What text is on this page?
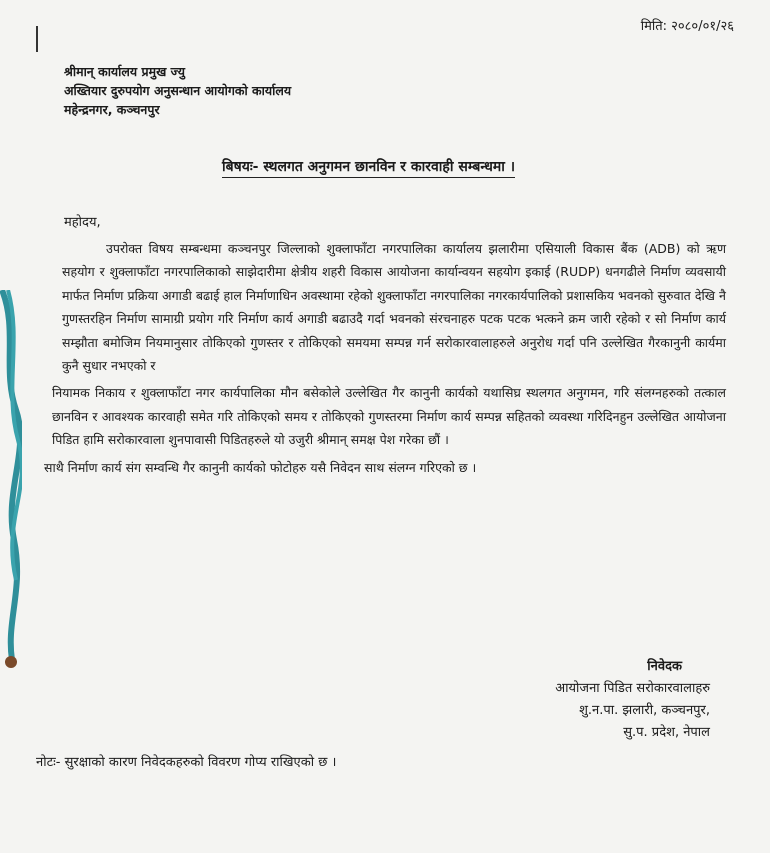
मिति: २०८०/०१/२६
श्रीमान् कार्यालय प्रमुख ज्यु
अख्तियार दुरुपयोग अनुसन्धान आयोगको कार्यालय
महेन्द्रनगर, कञ्चनपुर
बिषयः- स्थलगत अनुगमन छानविन र कारवाही सम्बन्धमा ।
महोदय,

उपरोक्त विषय सम्बन्धमा कञ्चनपुर जिल्लाको शुक्लाफाँटा नगरपालिका कार्यालय झलारीमा एसियाली विकास बैंक (ADB) को ऋण सहयोग र शुक्लाफाँटा नगरपालिकाको साझेदारीमा क्षेत्रीय शहरी विकास आयोजना कार्यान्वयन सहयोग इकाई (RUDP) धनगढीले निर्माण व्यवसायी मार्फत निर्माण प्रक्रिया अगाडी बढाई हाल निर्माणाधिन अवस्थामा रहेको शुक्लाफाँटा नगरपालिका नगरकार्यपालिको प्रशासकिय भवनको सुरुवात देखि नै गुणस्तरहिन निर्माण सामाग्री प्रयोग गरि निर्माण कार्य अगाडी बढाउदै गर्दा भवनको संरचनाहरु पटक पटक भत्कने क्रम जारी रहेको र सो निर्माण कार्य सम्झौता बमोजिम नियमानुसार तोकिएको गुणस्तर र तोकिएको समयमा सम्पन्न गर्न सरोकारवालाहरुले अनुरोध गर्दा पनि उल्लेखित गैरकानुनी कार्यमा कुनै सुधार नभएको र

नियामक निकाय र शुक्लाफाँटा नगर कार्यपालिका मौन बसेकोले उल्लेखित गैर कानुनी कार्यको यथासिघ्र स्थलगत अनुगमन, गरि संलग्नहरुको तत्काल छानविन र आवश्यक कारवाही समेत गरि तोकिएको समय र तोकिएको गुणस्तरमा निर्माण कार्य सम्पन्न सहितको व्यवस्था गरिदिनहुन उल्लेखित आयोजना पिडित हामि सरोकारवाला शुनपावासी पिडितहरुले यो उजुरी श्रीमान् समक्ष पेश गरेका छौं ।

साथै निर्माण कार्य संग सम्वन्धि गैर कानुनी कार्यको फोटोहरु यसै निवेदन साथ संलग्न गरिएको छ ।

निवेदक
आयोजना पिडित सरोकारवालाहरु
शु.न.पा. झलारी, कञ्चनपुर,
सु.प. प्रदेश, नेपाल
नोटः- सुरक्षाको कारण निवेदकहरुको विवरण गोप्य राखिएको छ ।
